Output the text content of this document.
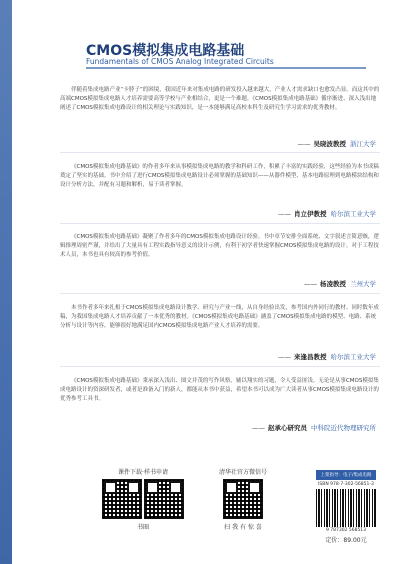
CMOS模拟集成电路基础
Fundamentals of CMOS Analog Integrated Circuits

伴随着集成电路产业“卡脖子”的困境，我国近年来对集成电路的研发投入越来越大，产业人才需求缺口也愈发凸显。而这其中的高端CMOS模拟集成电路人才培养需要高等学校与产业相结合，更是一个难题。《CMOS模拟集成电路基础》循序渐进、深入浅出地阐述了CMOS模拟集成电路设计的相关理论与实践知识，是一本能够满足高校本科生及研究生学习需求的优秀教材。

—— 吴晓波教授 浙江大学

《CMOS模拟集成电路基础》的作者多年来从事模拟集成电路的教学和科研工作，积累了丰富的实践经验，这些经验为本书成稿奠定了坚实的基础。书中介绍了进行CMOS模拟集成电路设计必须掌握的基础知识——从器件模型、基本电路原理到电路模块结构和设计分析方法，并配有习题和解析，易于读者掌握。

—— 肖立伊教授 哈尔滨工业大学

《CMOS模拟集成电路基础》凝聚了作者多年的CMOS模拟集成电路设计经验。书中章节安排全面系统、文字叙述言简意赅，逻辑推理周密严谨，并给出了大量具有工程实践指导意义的设计示例，有利于初学者快速掌握CMOS模拟集成电路的设计。对于工程技术人员，本书也具有较高的参考价值。

—— 杨凌教授 兰州大学

本书作者多年来扎根于CMOS模拟集成电路设计教学、研究与产业一线，从自身经验出发，参考国内外同行的教材、同时数年成稿，为我国集成电路人才培养贡献了一本优秀的教材。《CMOS模拟集成电路基础》涵盖了CMOS模拟集成电路的模型、电路、系统分析与设计等内容，能够很好地满足国内CMOS模拟集成电路产业人才培养的需要。

—— 来逢昌教授 哈尔滨工业大学

《CMOS模拟集成电路基础》秉承深入浅出、图文并茂的写作风格，辅以翔实的习题，令人受益匪浅。无论是从事CMOS模拟集成电路设计的资深研发者，或者是准备入门的新人，都能从本书中获益，希望本书可以成为广大读者从事CMOS模拟集成电路设计的优秀参考工具书。

—— 赵承心研究员 中科院近代物理研究所
课件下载·样书申请
书圈
清华社官方微信号
扫 我 有 惊 喜
上架指导：电子/集成电路
ISBN 978-7-302-56851-3
9 787302 568513
定价：89.00元
